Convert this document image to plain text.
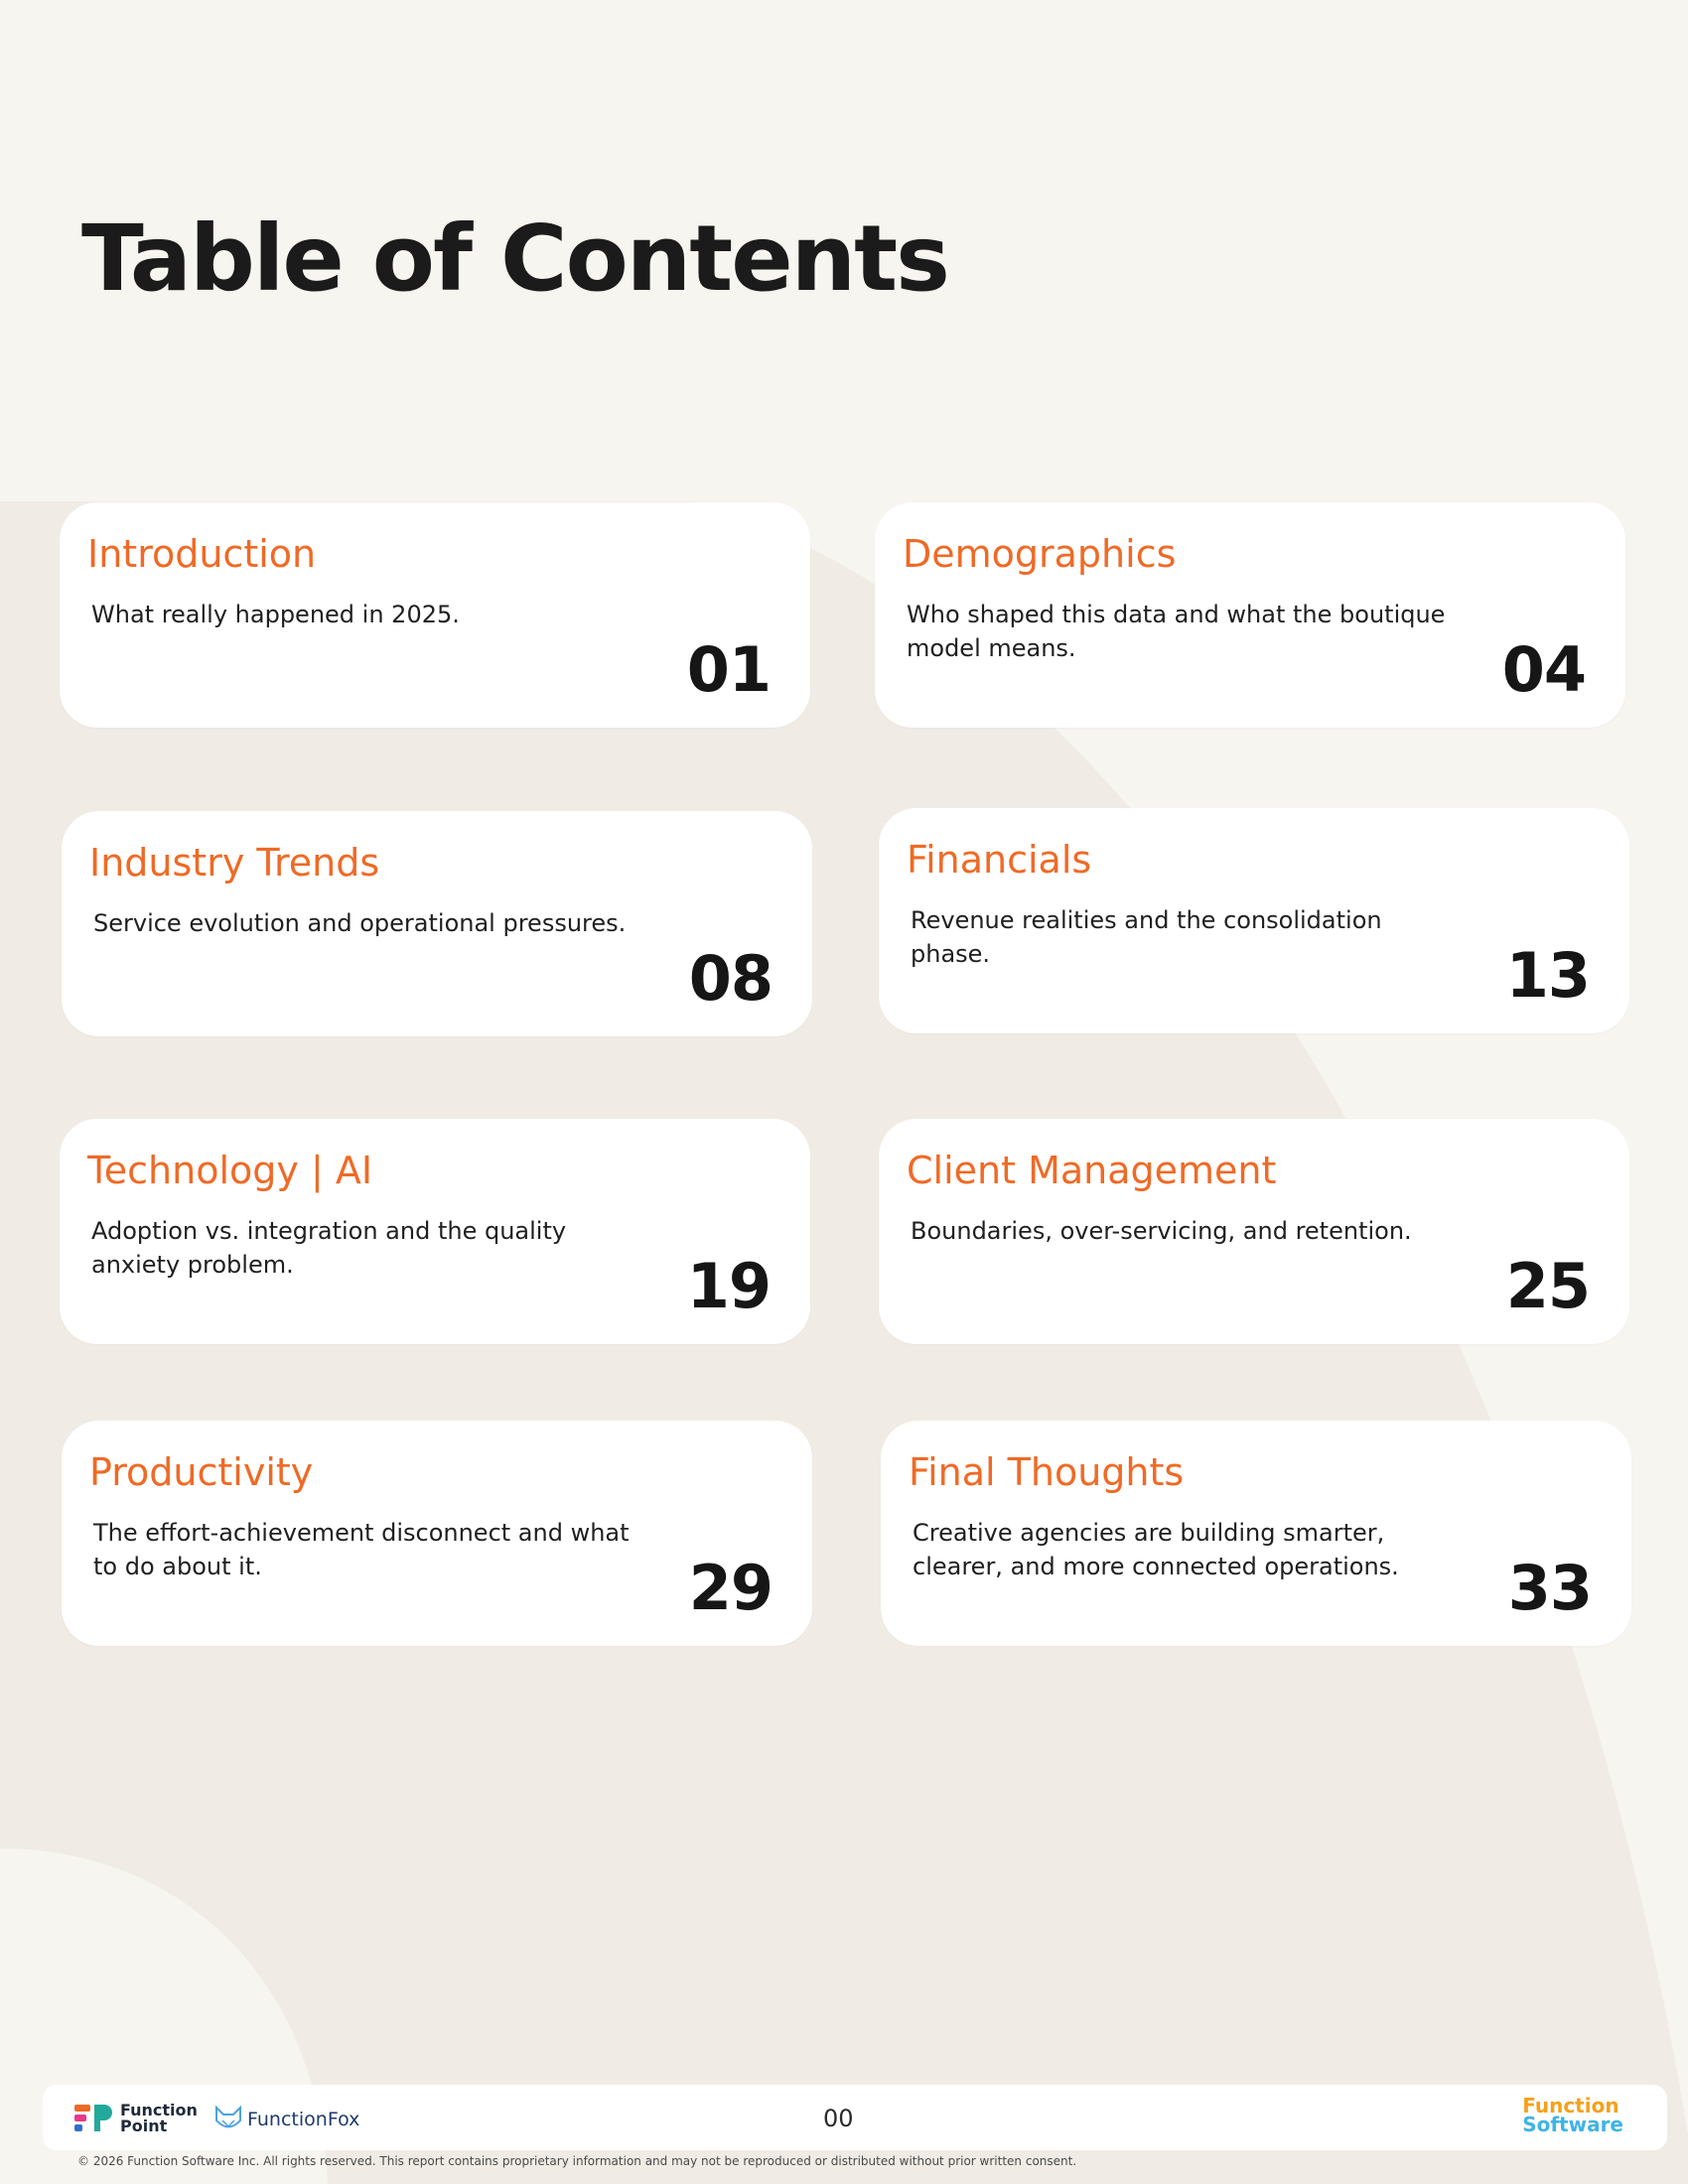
Table of Contents
Introduction
What really happened in 2025.
01
Demographics
Who shaped this data and what the boutique model means.	04
Industry Trends
Service evolution and operational pressures.
08
Financials
Revenue realities and the consolidation phase.	13
Technology | AI
Adoption vs. integration and the quality anxiety problem.	19
Client Management
Boundaries, over-servicing, and retention.
25
Productivity
The effort-achievement disconnect and what to do about it.	29
Final Thoughts
Creative agencies are building smarter, clearer, and more connected operations.	33
Function
Point	FunctionFox	00	Function
Software
© 2026 Function Software Inc. All rights reserved. This report contains proprietary information and may not be reproduced or distributed without prior written consent.
